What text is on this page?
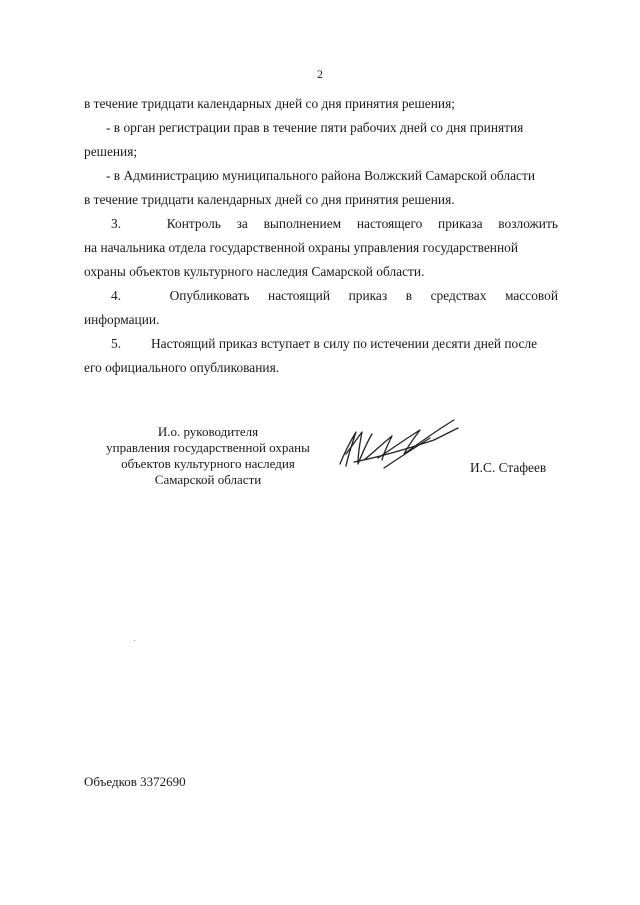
2
в течение тридцати календарных дней со дня принятия решения;
- в орган регистрации прав в течение пяти рабочих дней со дня принятия
решения;
- в Администрацию муниципального района Волжский Самарской области
в течение тридцати календарных дней со дня принятия решения.
3.	Контроль за выполнением настоящего приказа возложить
на начальника отдела государственной охраны управления государственной
охраны объектов культурного наследия Самарской области.
4.	Опубликовать настоящий приказ в средствах массовой
информации.
5. Настоящий приказ вступает в силу по истечении десяти дней после
его официального опубликования.
И.о. руководителя
управления государственной охраны
объектов культурного наследия
Самарской области
И.С. Стафеев
Объедков 3372690
